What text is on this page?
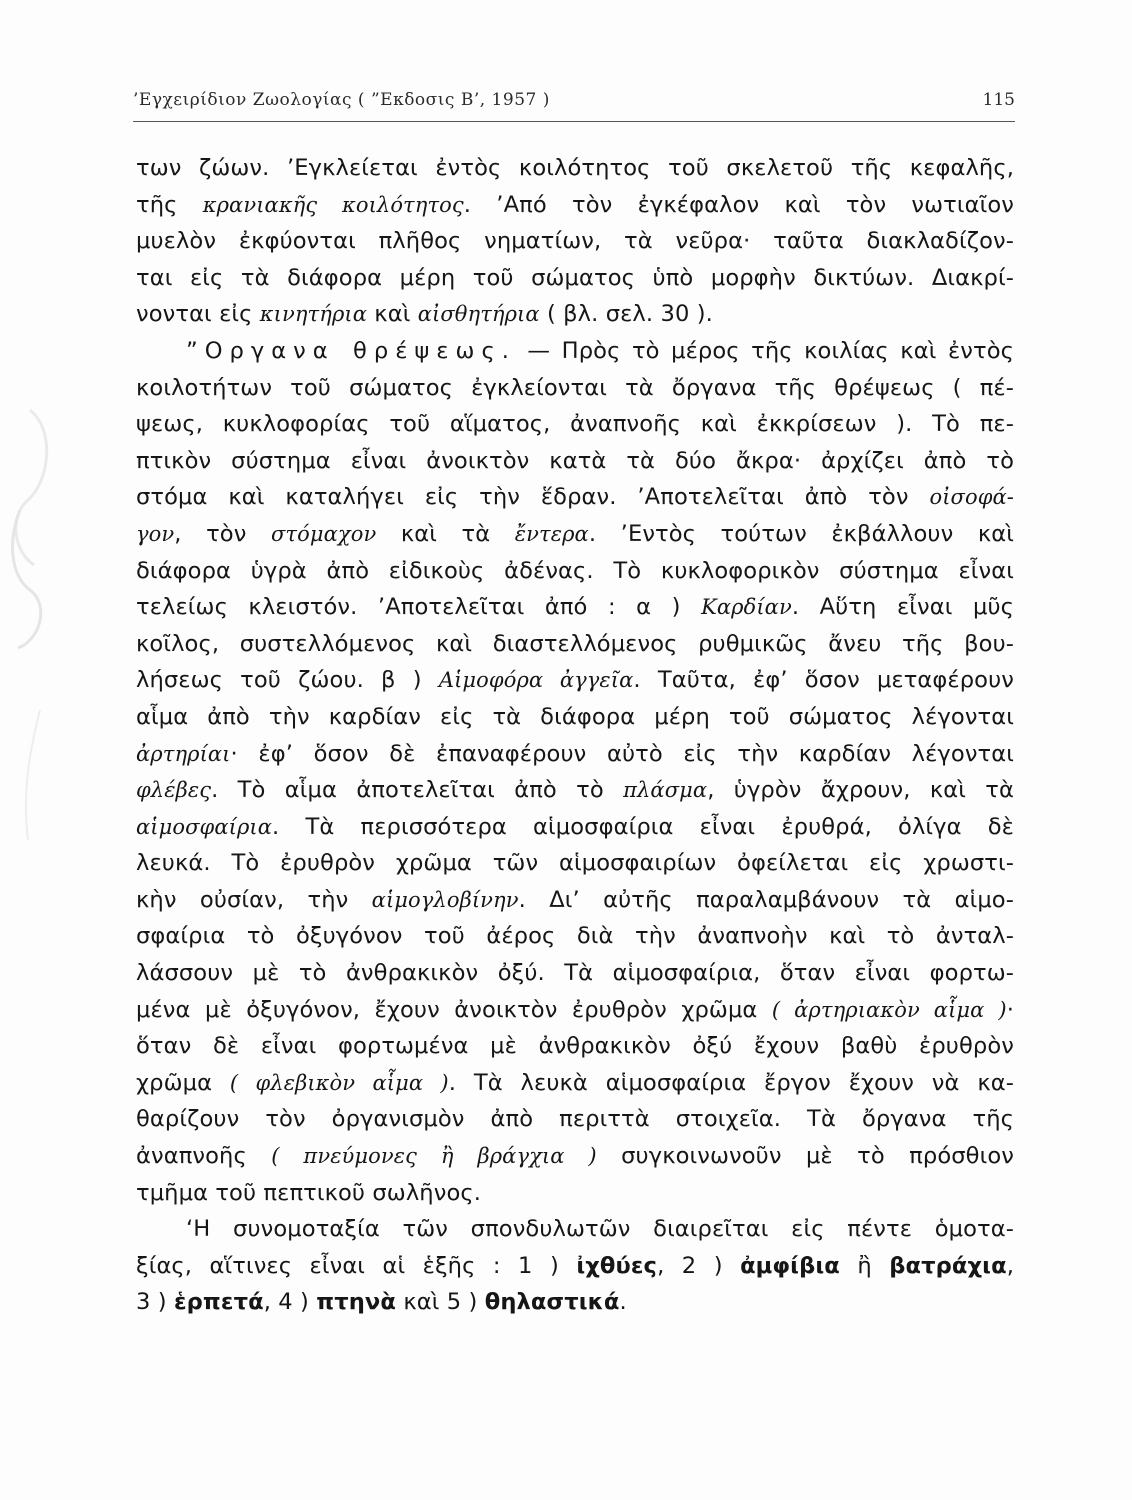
’Εγχειρίδιον Ζωολογίας ( ”Εκδοσις Β’, 1957 )	115
των ζώων. ’Εγκλείεται ἐντὸς κοιλότητος τοῦ σκελετοῦ τῆς κεφαλῆς,
τῆς κρανιακῆς κοιλότητος. ’Από τὸν ἐγκέφαλον καὶ τὸν νωτιαῖον
μυελὸν ἐκφύονται πλῆθος νηματίων, τὰ νεῦρα· ταῦτα διακλαδίζον-
ται εἰς τὰ διάφορα μέρη τοῦ σώματος ὑπὸ μορφὴν δικτύων. Διακρί-
νονται εἰς κινητήρια καὶ αἰσθητήρια ( βλ. σελ. 30 ).
”Οργανα θρέψεως. — Πρὸς τὸ μέρος τῆς κοιλίας καὶ ἐντὸς
κοιλοτήτων τοῦ σώματος ἐγκλείονται τὰ ὄργανα τῆς θρέψεως ( πέ-
ψεως, κυκλοφορίας τοῦ αἵματος, ἀναπνοῆς καὶ ἐκκρίσεων ). Τὸ πε-
πτικὸν σύστημα εἶναι ἀνοικτὸν κατὰ τὰ δύο ἄκρα· ἀρχίζει ἀπὸ τὸ
στόμα καὶ καταλήγει εἰς τὴν ἕδραν. ’Αποτελεῖται ἀπὸ τὸν οἰσοφά-
γον, τὸν στόμαχον καὶ τὰ ἔντερα. ’Εντὸς τούτων ἐκβάλλουν καὶ
διάφορα ὑγρὰ ἀπὸ εἰδικοὺς ἀδένας. Τὸ κυκλοφορικὸν σύστημα εἶναι
τελείως κλειστόν. ’Αποτελεῖται ἀπό : α ) Καρδίαν. Αὕτη εἶναι μῦς
κοῖλος, συστελλόμενος καὶ διαστελλόμενος ρυθμικῶς ἄνευ τῆς βου-
λήσεως τοῦ ζώου. β ) Αἱμοφόρα ἀγγεῖα. Ταῦτα, ἐφ’ ὅσον μεταφέρουν
αἷμα ἀπὸ τὴν καρδίαν εἰς τὰ διάφορα μέρη τοῦ σώματος λέγονται
ἀρτηρίαι· ἐφ’ ὅσον δὲ ἐπαναφέρουν αὐτὸ εἰς τὴν καρδίαν λέγονται
φλέβες. Τὸ αἷμα ἀποτελεῖται ἀπὸ τὸ πλάσμα, ὑγρὸν ἄχρουν, καὶ τὰ
αἱμοσφαίρια. Τὰ περισσότερα αἱμοσφαίρια εἶναι ἐρυθρά, ὀλίγα δὲ
λευκά. Τὸ ἐρυθρὸν χρῶμα τῶν αἱμοσφαιρίων ὀφείλεται εἰς χρωστι-
κὴν οὐσίαν, τὴν αἱμογλοβίνην. Δι’ αὐτῆς παραλαμβάνουν τὰ αἱμο-
σφαίρια τὸ ὀξυγόνον τοῦ ἀέρος διὰ τὴν ἀναπνοὴν καὶ τὸ ἀνταλ-
λάσσουν μὲ τὸ ἀνθρακικὸν ὀξύ. Τὰ αἱμοσφαίρια, ὅταν εἶναι φορτω-
μένα μὲ ὀξυγόνον, ἔχουν ἀνοικτὸν ἐρυθρὸν χρῶμα ( ἀρτηριακὸν αἷμα )·
ὅταν δὲ εἶναι φορτωμένα μὲ ἀνθρακικὸν ὀξύ ἔχουν βαθὺ ἐρυθρὸν
χρῶμα ( φλεβικὸν αἷμα ). Τὰ λευκὰ αἱμοσφαίρια ἔργον ἔχουν νὰ κα-
θαρίζουν τὸν ὀργανισμὸν ἀπὸ περιττὰ στοιχεῖα. Τὰ ὄργανα τῆς
ἀναπνοῆς ( πνεύμονες ἢ βράγχια ) συγκοινωνοῦν μὲ τὸ πρόσθιον
τμῆμα τοῦ πεπτικοῦ σωλῆνος.
‘Η συνομοταξία τῶν σπονδυλωτῶν διαιρεῖται εἰς πέντε ὁμοτα-
ξίας, αἵτινες εἶναι αἱ ἑξῆς : 1 ) ἰχθύες, 2 ) ἀμφίβια ἢ βατράχια,
3 ) ἑρπετά, 4 ) πτηνὰ καὶ 5 ) θηλαστικά.
